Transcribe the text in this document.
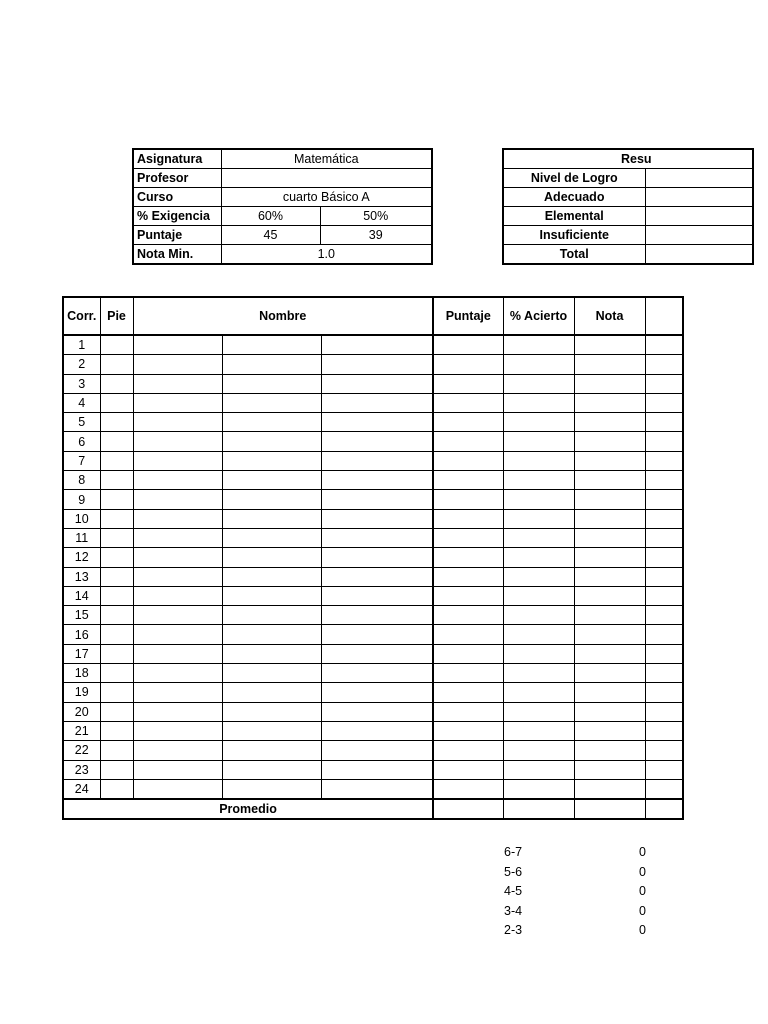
Asignatura	Matemática	
Profesor		
Curso	cuarto Básico A	
% Exigencia	60%	50%
Puntaje	45	39
Nota Min.	1.0	
Resu	
Nivel de Logro	
Adecuado	
Elemental	
Insuficiente	
Total	
Corr.	Pie	Nombre			Puntaje	% Acierto	Nota	
1								
2								
3								
4								
5								
6								
7								
8								
9								
10								
11								
12								
13								
14								
15								
16								
17								
18								
19								
20								
21								
22								
23								
24								
Promedio								
6-7	0
5-6	0
4-5	0
3-4	0
2-3	0
